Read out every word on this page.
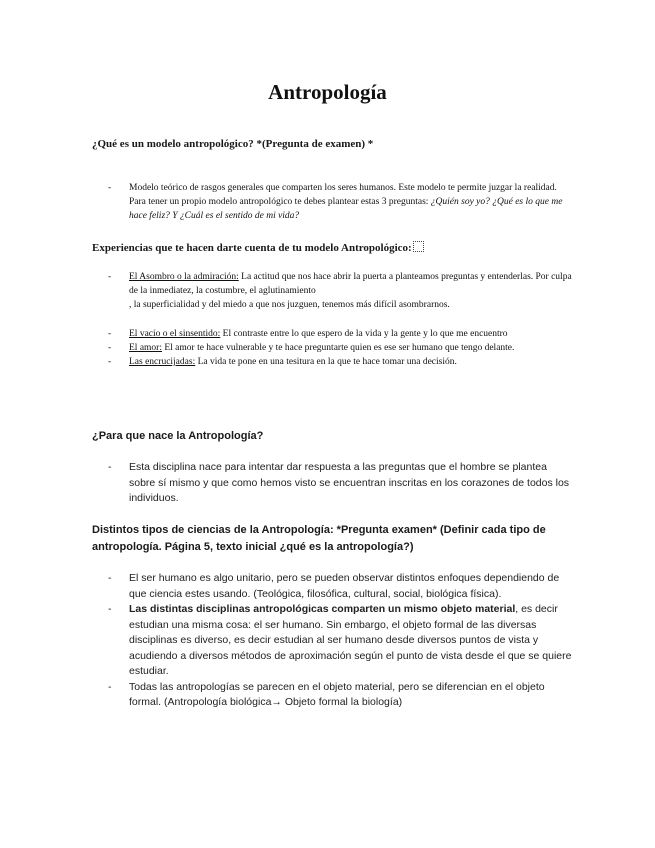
Antropología
¿Qué es un modelo antropológico? *(Pregunta de examen) *
- Modelo teórico de rasgos generales que comparten los seres humanos. Este modelo te permite juzgar la realidad. Para tener un propio modelo antropológico te debes plantear estas 3 preguntas: ¿Quién soy yo? ¿Qué es lo que me hace feliz? Y ¿Cuál es el sentido de mi vida?
Experiencias que te hacen darte cuenta de tu modelo Antropológico:
- El Asombro o la admiración: La actitud que nos hace abrir la puerta a planteamos preguntas y entenderlas. Por culpa de la inmediatez, la costumbre, el aglutinamiento
, la superficialidad y del miedo a que nos juzguen, tenemos más difícil asombrarnos.
- El vacío o el sinsentido: El contraste entre lo que espero de la vida y la gente y lo que me encuentro
- El amor: El amor te hace vulnerable y te hace preguntarte quien es ese ser humano que tengo delante.
- Las encrucijadas: La vida te pone en una tesitura en la que te hace tomar una decisión.
¿Para que nace la Antropología?
- Esta disciplina nace para intentar dar respuesta a las preguntas que el hombre se plantea sobre sí mismo y que como hemos visto se encuentran inscritas en los corazones de todos los individuos.
Distintos tipos de ciencias de la Antropología: *Pregunta examen* (Definir cada tipo de antropología. Página 5, texto inicial ¿qué es la antropología?)
- El ser humano es algo unitario, pero se pueden observar distintos enfoques dependiendo de que ciencia estes usando. (Teológica, filosófica, cultural, social, biológica física).
- Las distintas disciplinas antropológicas comparten un mismo objeto material, es decir estudian una misma cosa: el ser humano. Sin embargo, el objeto formal de las diversas disciplinas es diverso, es decir estudian al ser humano desde diversos puntos de vista y acudiendo a diversos métodos de aproximación según el punto de vista desde el que se quiere estudiar.
- Todas las antropologías se parecen en el objeto material, pero se diferencian en el objeto formal. (Antropología biológica→ Objeto formal la biología)
